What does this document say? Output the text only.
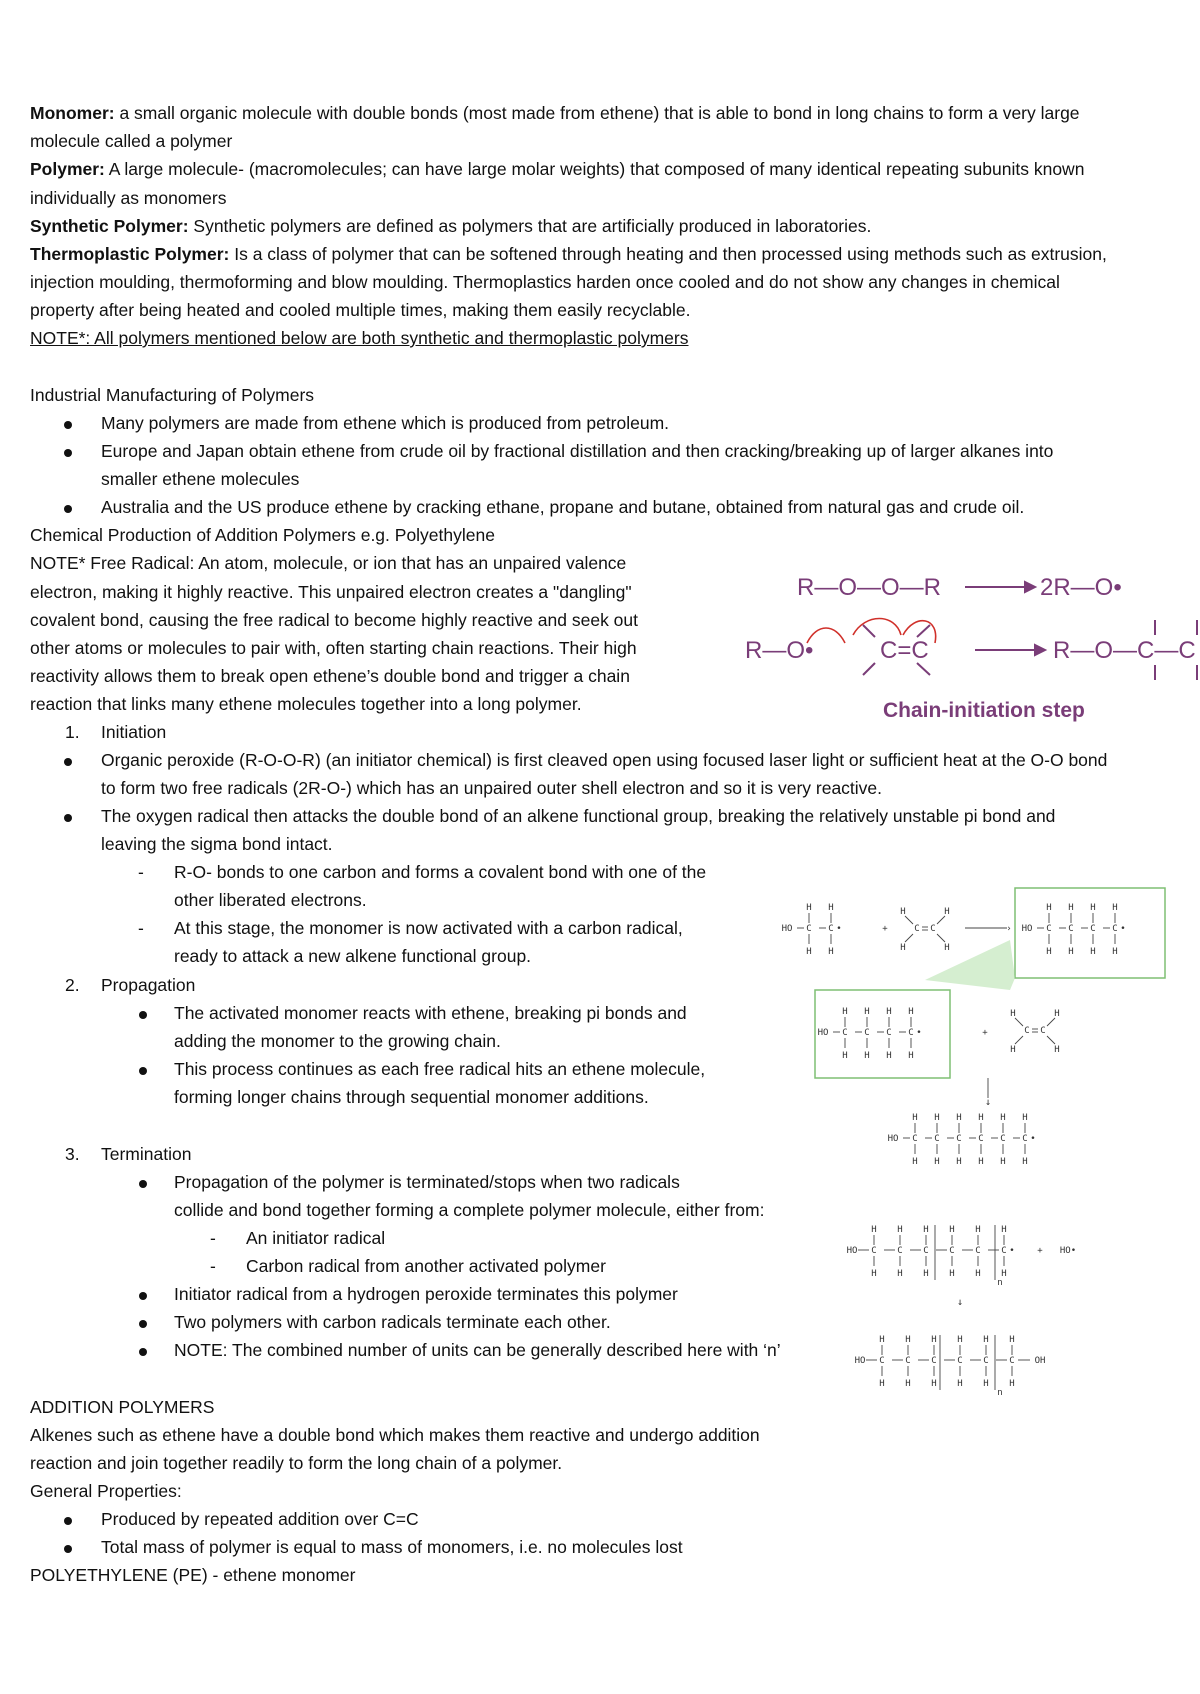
Monomer: a small organic molecule with double bonds (most made from ethene) that is able to bond in long chains to form a very large
molecule called a polymer
Polymer: A large molecule- (macromolecules; can have large molar weights) that composed of many identical repeating subunits known
individually as monomers
Synthetic Polymer: Synthetic polymers are defined as polymers that are artificially produced in laboratories.
Thermoplastic Polymer: Is a class of polymer that can be softened through heating and then processed using methods such as extrusion,
injection moulding, thermoforming and blow moulding. Thermoplastics harden once cooled and do not show any changes in chemical
property after being heated and cooled multiple times, making them easily recyclable.
NOTE*: All polymers mentioned below are both synthetic and thermoplastic polymers
Industrial Manufacturing of Polymers
Many polymers are made from ethene which is produced from petroleum.
Europe and Japan obtain ethene from crude oil by fractional distillation and then cracking/breaking up of larger alkanes into
smaller ethene molecules
Australia and the US produce ethene by cracking ethane, propane and butane, obtained from natural gas and crude oil.
Chemical Production of Addition Polymers e.g. Polyethylene
NOTE* Free Radical: An atom, molecule, or ion that has an unpaired valence
electron, making it highly reactive. This unpaired electron creates a "dangling"
covalent bond, causing the free radical to become highly reactive and seek out
other atoms or molecules to pair with, often starting chain reactions. Their high
reactivity allows them to break open ethene’s double bond and trigger a chain
reaction that links many ethene molecules together into a long polymer.
R—O—O—R	2R—O•
R—O•	C=C	R—O—C—C
Chain-initiation step
1. Initiation
Organic peroxide (R-O-O-R) (an initiator chemical) is first cleaved open using focused laser light or sufficient heat at the O-O bond
to form two free radicals (2R-O-) which has an unpaired outer shell electron and so it is very reactive.
The oxygen radical then attacks the double bond of an alkene functional group, breaking the relatively unstable pi bond and
leaving the sigma bond intact.
- R-O- bonds to one carbon and forms a covalent bond with one of the
other liberated electrons.
- At this stage, the monomer is now activated with a carbon radical,
ready to attack a new alkene functional group.
2. Propagation
The activated monomer reacts with ethene, breaking pi bonds and
adding the monomer to the growing chain.
This process continues as each free radical hits an ethene molecule,
forming longer chains through sequential monomer additions.
3. Termination
Propagation of the polymer is terminated/stops when two radicals
collide and bond together forming a complete polymer molecule, either from:
- An initiator radical
- Carbon radical from another activated polymer
Initiator radical from a hydrogen peroxide terminates this polymer
Two polymers with carbon radicals terminate each other.
NOTE: The combined number of units can be generally described here with ‘n’
ADDITION POLYMERS
Alkenes such as ethene have a double bond which makes them reactive and undergo addition
reaction and join together readily to form the long chain of a polymer.
General Properties:
Produced by repeated addition over C=C
Total mass of polymer is equal to mass of monomers, i.e. no molecules lost
POLYETHYLENE (PE) - ethene monomer
HO C
H
H
C
H
H
•	+	C C
H
H
H
H
› HO C
H
H
C
H
H
C
H
H
C
H
H
•
HO C
H
H
C
H
H
C
H
H
C
H
H
•	+	C C
H
H
H
H
↓
HO C
H
H
C
H
H
C
H
H
C
H
H
C
H
H
C
H
H
•
HO C
H
H
C
H
H
C
H
H
C
H
H
C
H
H
C
H
H
•	+ HO•
n
↓
HO C
H
H
C
H
H
C
H
H
C
H
H
C
H
H
C
H
H
OH
n
